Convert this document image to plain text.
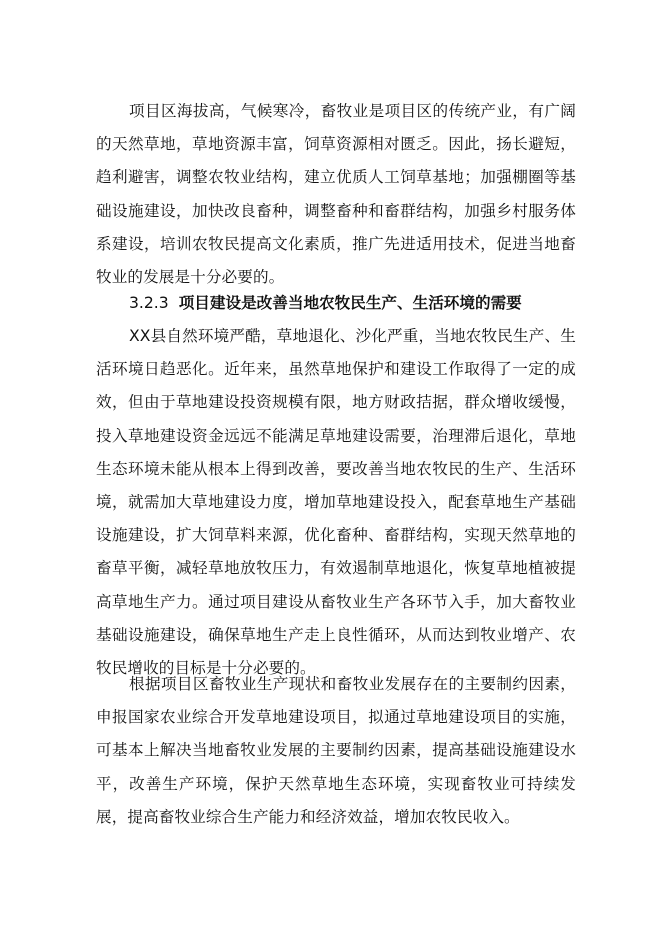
项目区海拔高，气候寒冷，畜牧业是项目区的传统产业，有广阔的天然草地，草地资源丰富，饲草资源相对匮乏。因此，扬长避短，趋利避害，调整农牧业结构，建立优质人工饲草基地；加强棚圈等基础设施建设，加快改良畜种，调整畜种和畜群结构，加强乡村服务体系建设，培训农牧民提高文化素质，推广先进适用技术，促进当地畜牧业的发展是十分必要的。

3.2.3 项目建设是改善当地农牧民生产、生活环境的需要

XX县自然环境严酷，草地退化、沙化严重，当地农牧民生产、生活环境日趋恶化。近年来，虽然草地保护和建设工作取得了一定的成效，但由于草地建设投资规模有限，地方财政拮据，群众增收缓慢，投入草地建设资金远远不能满足草地建设需要，治理滞后退化，草地生态环境未能从根本上得到改善，要改善当地农牧民的生产、生活环境，就需加大草地建设力度，增加草地建设投入，配套草地生产基础设施建设，扩大饲草料来源，优化畜种、畜群结构，实现天然草地的畜草平衡，减轻草地放牧压力，有效遏制草地退化，恢复草地植被提高草地生产力。通过项目建设从畜牧业生产各环节入手，加大畜牧业基础设施建设，确保草地生产走上良性循环，从而达到牧业增产、农牧民增收的目标是十分必要的。

根据项目区畜牧业生产现状和畜牧业发展存在的主要制约因素，申报国家农业综合开发草地建设项目，拟通过草地建设项目的实施，可基本上解决当地畜牧业发展的主要制约因素，提高基础设施建设水平，改善生产环境，保护天然草地生态环境，实现畜牧业可持续发展，提高畜牧业综合生产能力和经济效益，增加农牧民收入。
